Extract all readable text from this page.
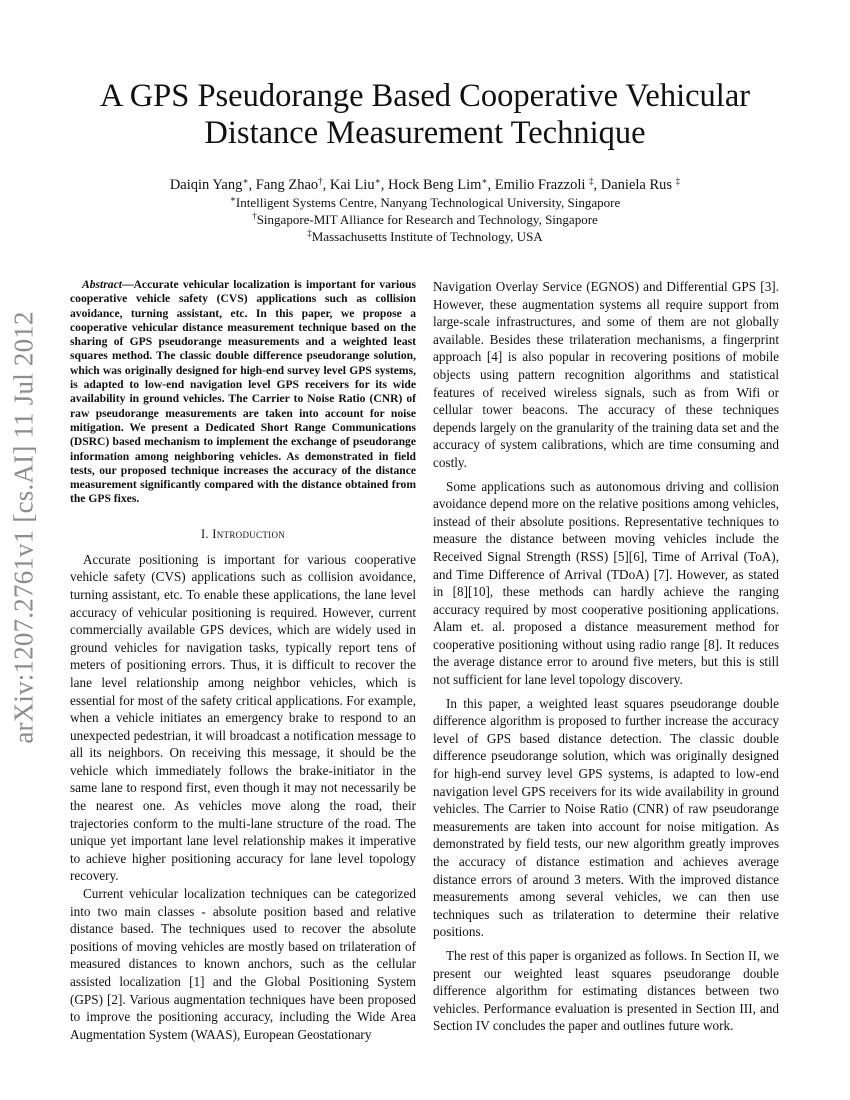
arXiv:1207.2761v1 [cs.AI] 11 Jul 2012
A GPS Pseudorange Based Cooperative Vehicular
Distance Measurement Technique
Daiqin Yang∗, Fang Zhao†, Kai Liu∗, Hock Beng Lim∗, Emilio Frazzoli ‡, Daniela Rus ‡
∗Intelligent Systems Centre, Nanyang Technological University, Singapore
†Singapore-MIT Alliance for Research and Technology, Singapore
‡Massachusetts Institute of Technology, USA

Abstract—Accurate vehicular localization is important for various cooperative vehicle safety (CVS) applications such as collision avoidance, turning assistant, etc. In this paper, we propose a cooperative vehicular distance measurement technique based on the sharing of GPS pseudorange measurements and a weighted least squares method. The classic double difference pseudorange solution, which was originally designed for high-end survey level GPS systems, is adapted to low-end navigation level GPS receivers for its wide availability in ground vehicles. The Carrier to Noise Ratio (CNR) of raw pseudorange measurements are taken into account for noise mitigation. We present a Dedicated Short Range Communications (DSRC) based mechanism to implement the exchange of pseudorange information among neighboring vehicles. As demonstrated in field tests, our proposed technique increases the accuracy of the distance measurement significantly compared with the distance obtained from the GPS fixes.

I. Introduction

Accurate positioning is important for various cooperative vehicle safety (CVS) applications such as collision avoidance, turning assistant, etc. To enable these applications, the lane level accuracy of vehicular positioning is required. However, current commercially available GPS devices, which are widely used in ground vehicles for navigation tasks, typically report tens of meters of positioning errors. Thus, it is difficult to recover the lane level relationship among neighbor vehicles, which is essential for most of the safety critical applications. For example, when a vehicle initiates an emergency brake to respond to an unexpected pedestrian, it will broadcast a notification message to all its neighbors. On receiving this message, it should be the vehicle which immediately follows the brake-initiator in the same lane to respond first, even though it may not necessarily be the nearest one. As vehicles move along the road, their trajectories conform to the multi-lane structure of the road. The unique yet important lane level relationship makes it imperative to achieve higher positioning accuracy for lane level topology recovery.

Current vehicular localization techniques can be categorized into two main classes - absolute position based and relative distance based. The techniques used to recover the absolute positions of moving vehicles are mostly based on trilateration of measured distances to known anchors, such as the cellular assisted localization [1] and the Global Positioning System (GPS) [2]. Various augmentation techniques have been proposed to improve the positioning accuracy, including the Wide Area Augmentation System (WAAS), European Geostationary

Navigation Overlay Service (EGNOS) and Differential GPS [3]. However, these augmentation systems all require support from large-scale infrastructures, and some of them are not globally available. Besides these trilateration mechanisms, a fingerprint approach [4] is also popular in recovering positions of mobile objects using pattern recognition algorithms and statistical features of received wireless signals, such as from Wifi or cellular tower beacons. The accuracy of these techniques depends largely on the granularity of the training data set and the accuracy of system calibrations, which are time consuming and costly.

Some applications such as autonomous driving and collision avoidance depend more on the relative positions among vehicles, instead of their absolute positions. Representative techniques to measure the distance between moving vehicles include the Received Signal Strength (RSS) [5][6], Time of Arrival (ToA), and Time Difference of Arrival (TDoA) [7]. However, as stated in [8][10], these methods can hardly achieve the ranging accuracy required by most cooperative positioning applications. Alam et. al. proposed a distance measurement method for cooperative positioning without using radio range [8]. It reduces the average distance error to around five meters, but this is still not sufficient for lane level topology discovery.

In this paper, a weighted least squares pseudorange double difference algorithm is proposed to further increase the accuracy level of GPS based distance detection. The classic double difference pseudorange solution, which was originally designed for high-end survey level GPS systems, is adapted to low-end navigation level GPS receivers for its wide availability in ground vehicles. The Carrier to Noise Ratio (CNR) of raw pseudorange measurements are taken into account for noise mitigation. As demonstrated by field tests, our new algorithm greatly improves the accuracy of distance estimation and achieves average distance errors of around 3 meters. With the improved distance measurements among several vehicles, we can then use techniques such as trilateration to determine their relative positions.

The rest of this paper is organized as follows. In Section II, we present our weighted least squares pseudorange double difference algorithm for estimating distances between two vehicles. Performance evaluation is presented in Section III, and Section IV concludes the paper and outlines future work.
